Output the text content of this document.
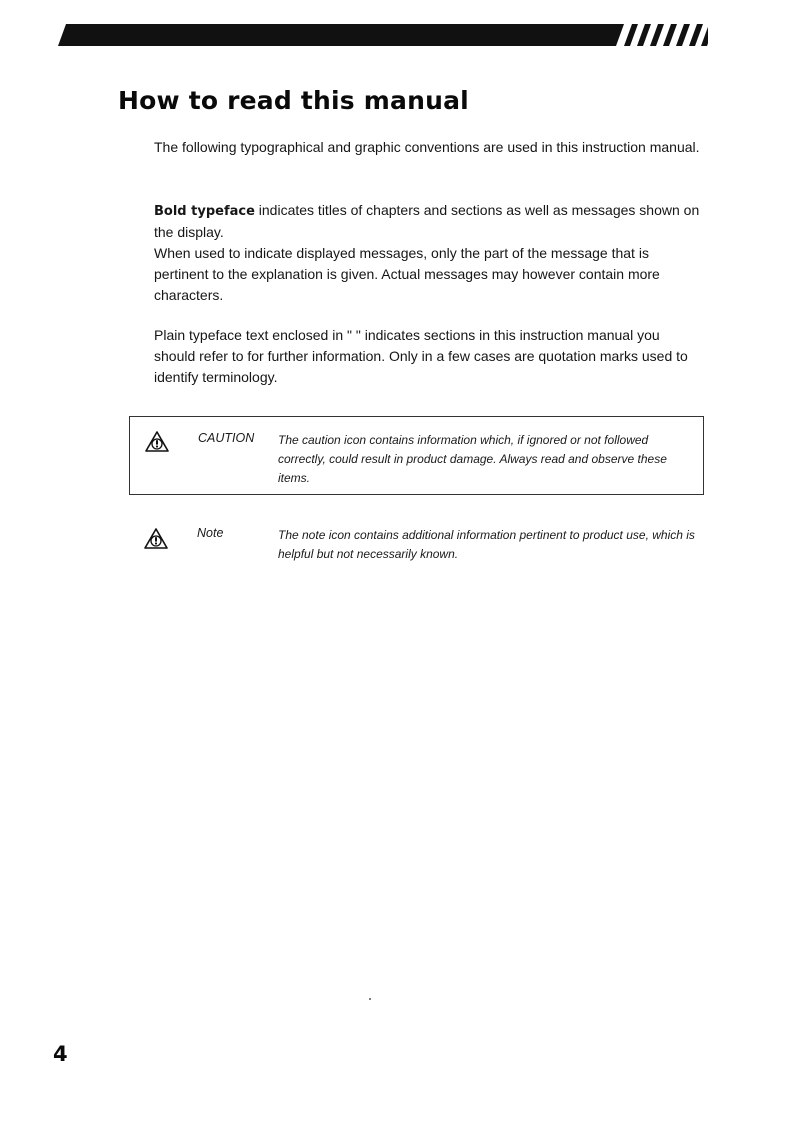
How to read this manual

The following typographical and graphic conventions are used in this instruction manual.

Bold typeface indicates titles of chapters and sections as well as messages shown on the display.

When used to indicate displayed messages, only the part of the message that is pertinent to the explanation is given. Actual messages may however contain more characters.

Plain typeface text enclosed in " " indicates sections in this instruction manual you should refer to for further information. Only in a few cases are quotation marks used to identify terminology.

CAUTION The caution icon contains information which, if ignored or not followed correctly, could result in product damage. Always read and observe these items.
Note	The note icon contains additional information pertinent to product use, which is helpful but not necessarily known.
4
